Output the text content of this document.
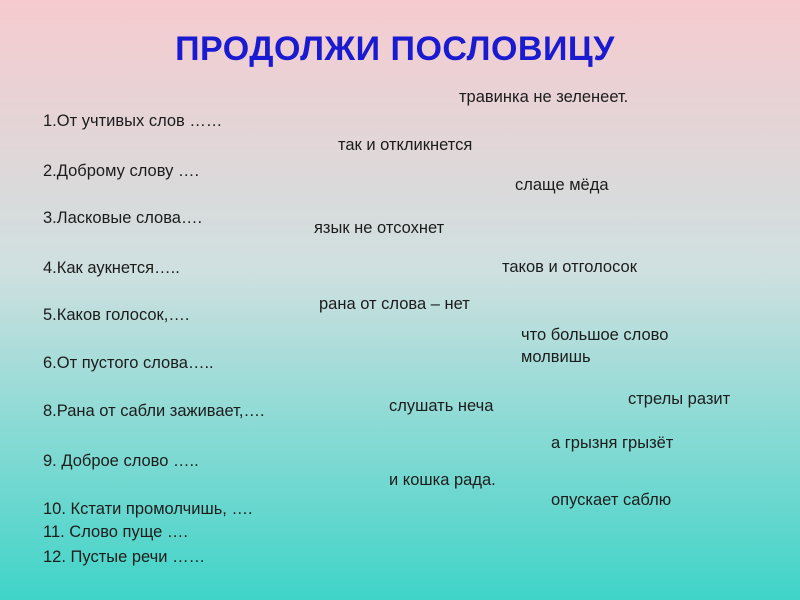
ПРОДОЛЖИ ПОСЛОВИЦУ
1.От учтивых слов ……
2.Доброму слову ….
3.Ласковые слова….
4.Как аукнется…..
5.Каков голосок,….
6.От пустого слова…..
8.Рана от сабли заживает,….
9. Доброе слово …..
10. Кстати промолчишь, ….
11. Слово пуще ….
12. Пустые речи ……
травинка не зеленеет.
так и откликнется
слаще мёда
язык не отсохнет
таков и отголосок
рана от слова – нет
что большое слово молвишь
стрелы разит
слушать неча
а грызня грызёт
и кошка рада.
опускает саблю
